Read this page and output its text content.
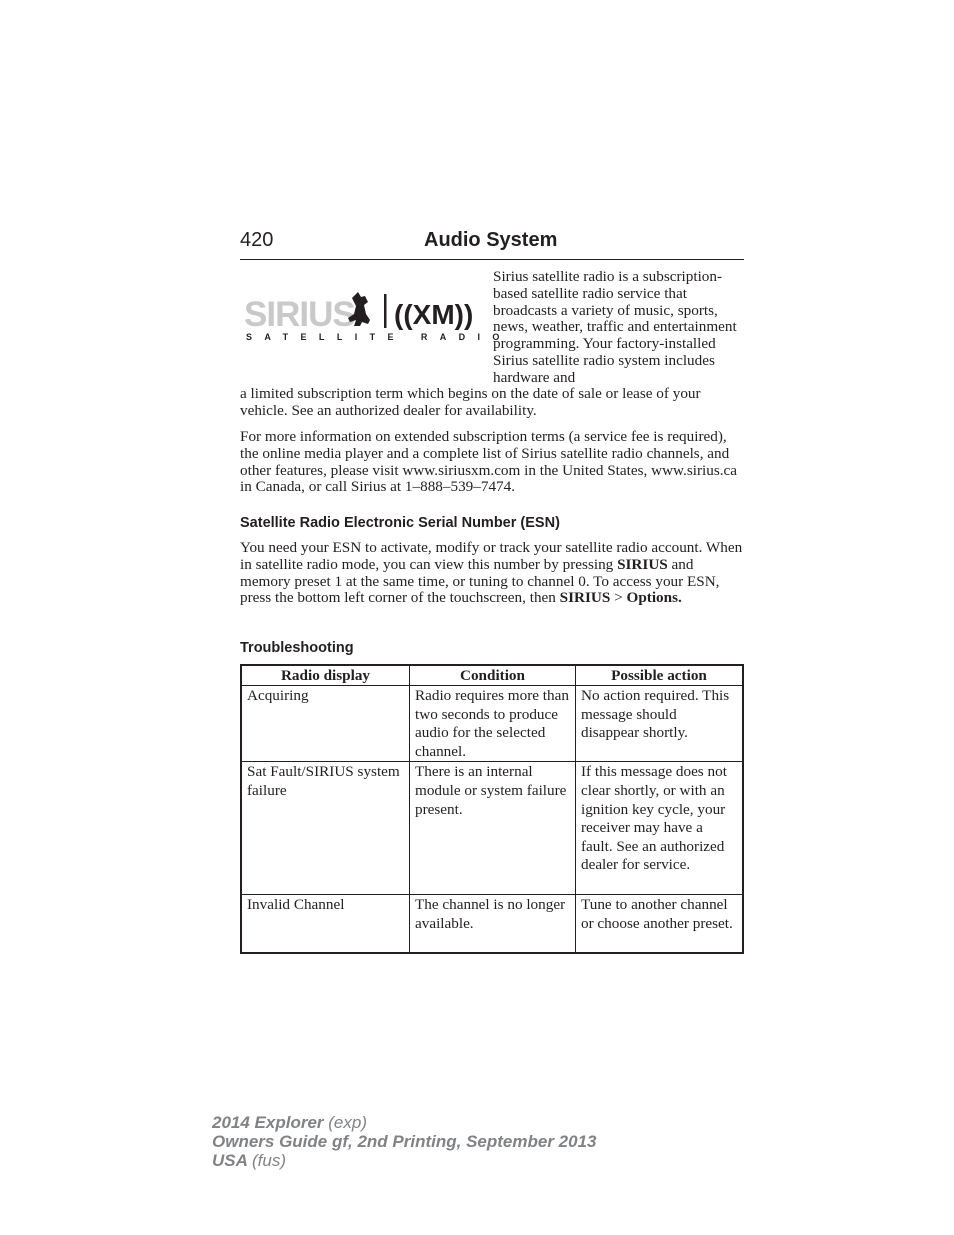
420	Audio System
SIRIUS ((XM))
SATELLITE RADIO

Sirius satellite radio is a subscription-based satellite radio service that broadcasts a variety of music, sports, news, weather, traffic and entertainment programming. Your factory-installed Sirius satellite radio system includes hardware and

a limited subscription term which begins on the date of sale or lease of your vehicle. See an authorized dealer for availability.

For more information on extended subscription terms (a service fee is required), the online media player and a complete list of Sirius satellite radio channels, and other features, please visit www.siriusxm.com in the United States, www.sirius.ca in Canada, or call Sirius at 1–888–539–7474.

Satellite Radio Electronic Serial Number (ESN)

You need your ESN to activate, modify or track your satellite radio account. When in satellite radio mode, you can view this number by pressing SIRIUS and memory preset 1 at the same time, or tuning to channel 0. To access your ESN, press the bottom left corner of the touchscreen, then SIRIUS > Options.

Troubleshooting
Radio display	Condition	Possible action
Acquiring	Radio requires more than two seconds to produce audio for the selected channel.	No action required. This message should disappear shortly.
Sat Fault/SIRIUS system failure	There is an internal module or system failure present.	If this message does not clear shortly, or with an ignition key cycle, your receiver may have a fault. See an authorized dealer for service.
Invalid Channel	The channel is no longer available.	Tune to another channel or choose another preset.
2014 Explorer (exp)
Owners Guide gf, 2nd Printing, September 2013
USA (fus)
